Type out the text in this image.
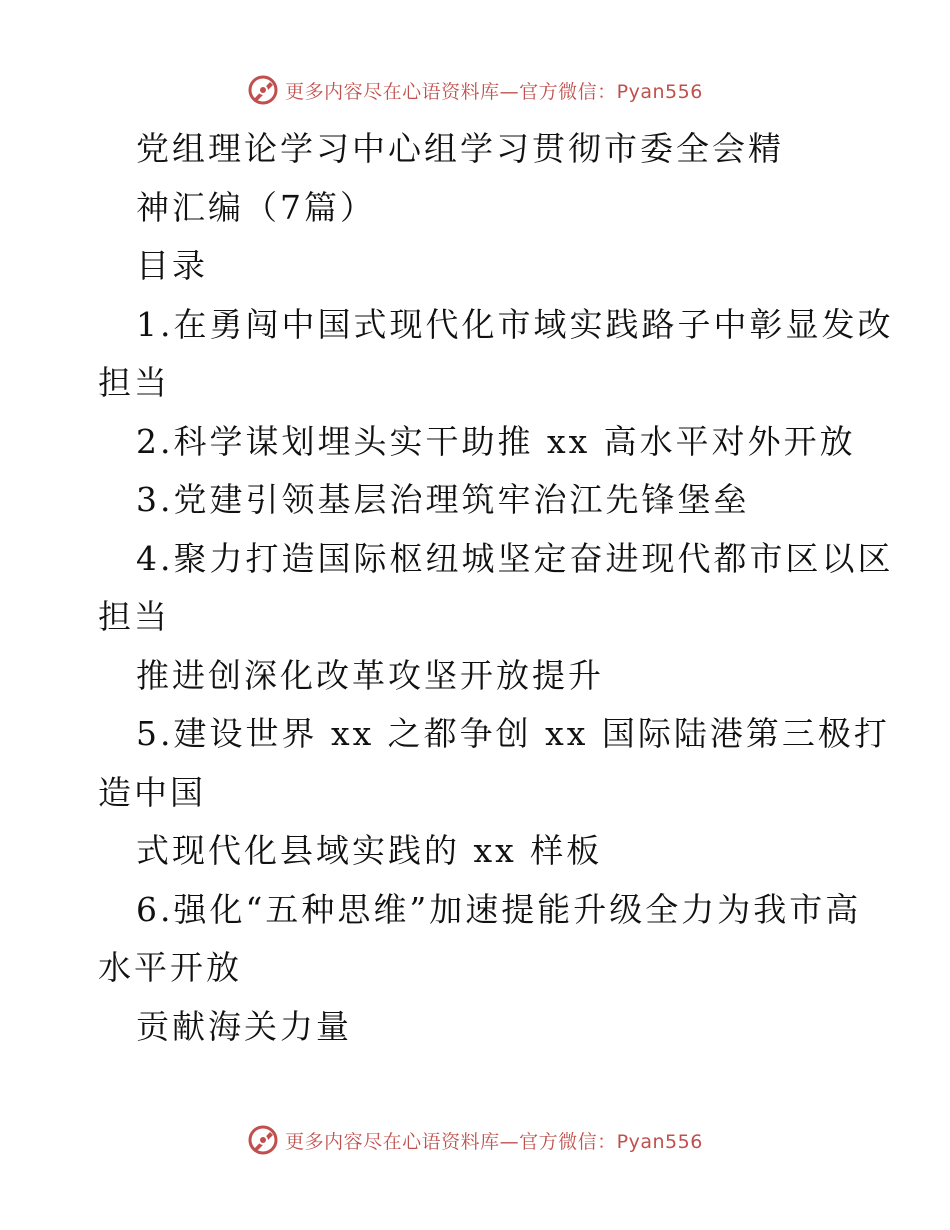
更多内容尽在心语资料库—官方微信：Pyan556
党组理论学习中心组学习贯彻市委全会精
神汇编（7篇）
目录
1.在勇闯中国式现代化市域实践路子中彰显发改
担当
2.科学谋划埋头实干助推 xx 高水平对外开放
3.党建引领基层治理筑牢治江先锋堡垒
4.聚力打造国际枢纽城坚定奋进现代都市区以区
担当
推进创深化改革攻坚开放提升
5.建设世界 xx 之都争创 xx 国际陆港第三极打
造中国
式现代化县域实践的 xx 样板
6.强化“五种思维”加速提能升级全力为我市高
水平开放
贡献海关力量
更多内容尽在心语资料库—官方微信：Pyan556
